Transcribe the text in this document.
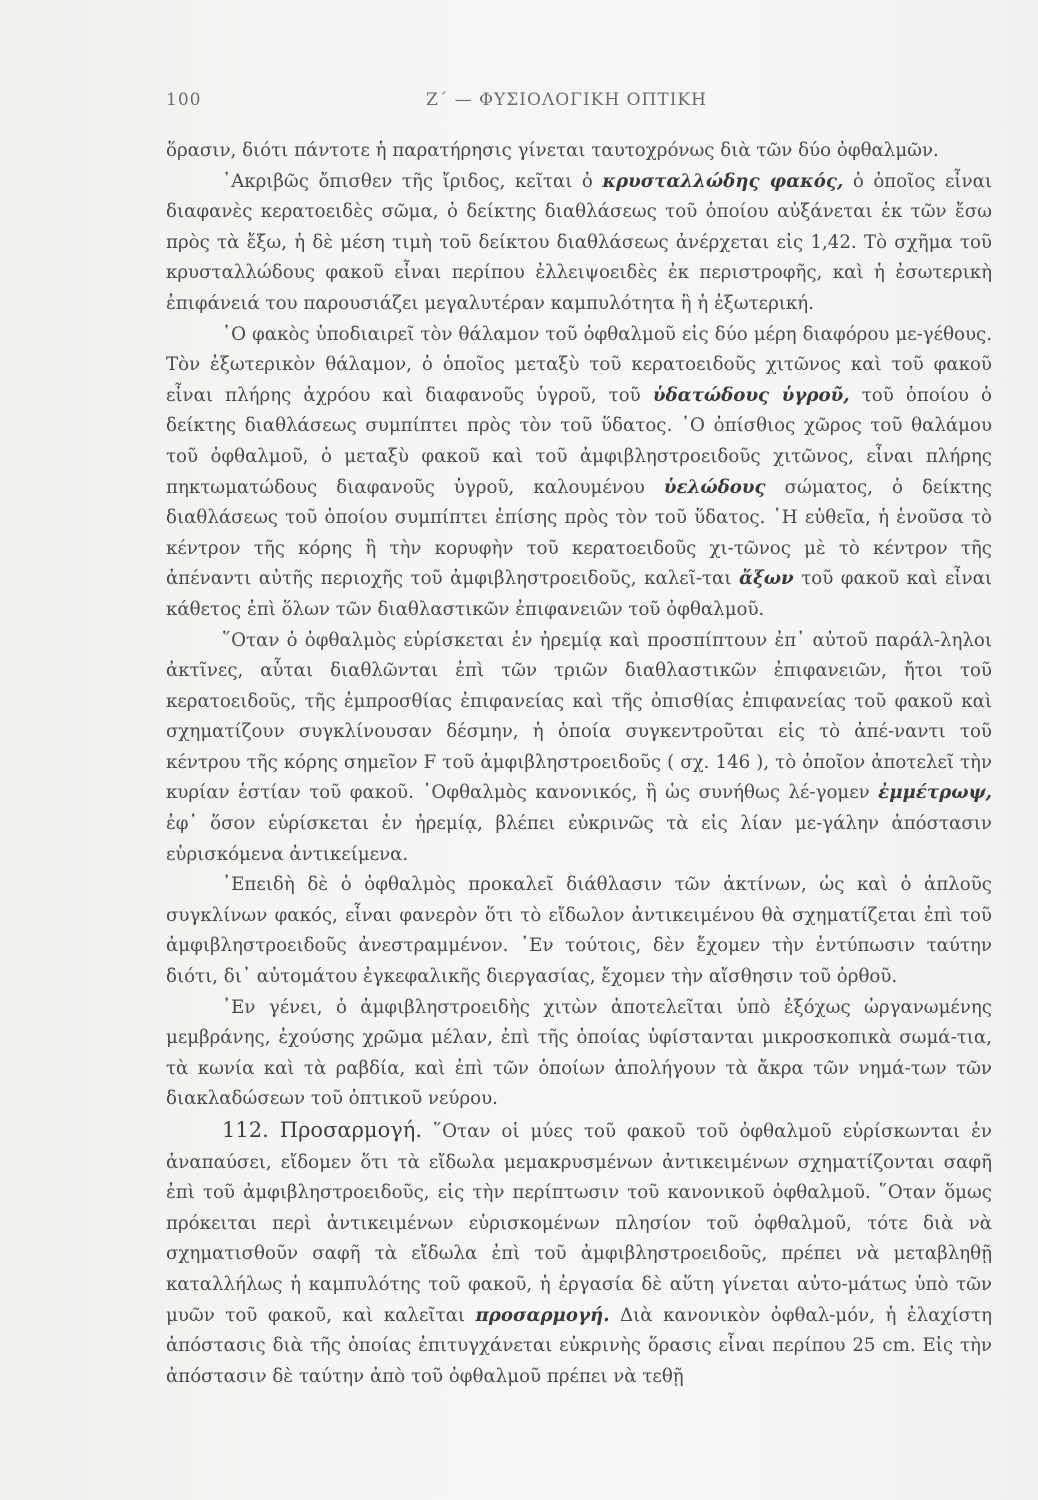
100	Ζ΄ — ΦΥΣΙΟΛΟΓΙΚΗ ΟΠΤΙΚΗ

ὅρασιν, διότι πάντοτε ἡ παρατήρησις γίνεται ταυτοχρόνως διὰ τῶν δύο ὀφθαλμῶν.

᾿Ακριβῶς ὄπισθεν τῆς ἴριδος, κεῖται ὁ κρυσταλλώδης φακός, ὁ ὁποῖος εἶναι διαφανὲς κερατοειδὲς σῶμα, ὁ δείκτης διαθλάσεως τοῦ ὁποίου αὐξάνεται ἐκ τῶν ἔσω πρὸς τὰ ἔξω, ἡ δὲ μέση τιμὴ τοῦ δείκτου διαθλάσεως ἀνέρχεται εἰς 1,42. Τὸ σχῆμα τοῦ κρυσταλλώδους φακοῦ εἶναι περίπου ἐλλειψοειδὲς ἐκ περιστροφῆς, καὶ ἡ ἐσωτερικὴ ἐπιφάνειά του παρουσιάζει μεγαλυτέραν καμπυλότητα ἢ ἡ ἐξωτερική.

῾Ο φακὸς ὑποδιαιρεῖ τὸν θάλαμον τοῦ ὀφθαλμοῦ εἰς δύο μέρη διαφόρου με-γέθους. Τὸν ἐξωτερικὸν θάλαμον, ὁ ὁποῖος μεταξὺ τοῦ κερατοειδοῦς χιτῶνος καὶ τοῦ φακοῦ εἶναι πλήρης ἀχρόου καὶ διαφανοῦς ὑγροῦ, τοῦ ὑδατώδους ὑγροῦ, τοῦ ὁποίου ὁ δείκτης διαθλάσεως συμπίπτει πρὸς τὸν τοῦ ὕδατος. ῾Ο ὀπίσθιος χῶρος τοῦ θαλάμου τοῦ ὀφθαλμοῦ, ὁ μεταξὺ φακοῦ καὶ τοῦ ἀμφιβληστροειδοῦς χιτῶνος, εἶναι πλήρης πηκτωματώδους διαφανοῦς ὑγροῦ, καλουμένου ὑελώδους σώματος, ὁ δείκτης διαθλάσεως τοῦ ὁποίου συμπίπτει ἐπίσης πρὸς τὸν τοῦ ὕδατος. ῾Η εὐθεῖα, ἡ ἑνοῦσα τὸ κέντρον τῆς κόρης ἢ τὴν κορυφὴν τοῦ κερατοειδοῦς χι-τῶνος μὲ τὸ κέντρον τῆς ἀπέναντι αὐτῆς περιοχῆς τοῦ ἀμφιβληστροειδοῦς, καλεῖ-ται ἄξων τοῦ φακοῦ καὶ εἶναι κάθετος ἐπὶ ὅλων τῶν διαθλαστικῶν ἐπιφανειῶν τοῦ ὀφθαλμοῦ.

῞Οταν ὁ ὀφθαλμὸς εὑρίσκεται ἐν ἠρεμίᾳ καὶ προσπίπτουν ἐπ᾿ αὐτοῦ παράλ-ληλοι ἀκτῖνες, αὗται διαθλῶνται ἐπὶ τῶν τριῶν διαθλαστικῶν ἐπιφανειῶν, ἤτοι τοῦ κερατοειδοῦς, τῆς ἐμπροσθίας ἐπιφανείας καὶ τῆς ὀπισθίας ἐπιφανείας τοῦ φακοῦ καὶ σχηματίζουν συγκλίνουσαν δέσμην, ἡ ὁποία συγκεντροῦται εἰς τὸ ἀπέ-ναντι τοῦ κέντρου τῆς κόρης σημεῖον F τοῦ ἀμφιβληστροειδοῦς ( σχ. 146 ), τὸ ὁποῖον ἀποτελεῖ τὴν κυρίαν ἑστίαν τοῦ φακοῦ. ᾿Οφθαλμὸς κανονικός, ἢ ὡς συνήθως λέ-γομεν ἐμμέτρωψ, ἐφ᾿ ὅσον εὑρίσκεται ἐν ἠρεμίᾳ, βλέπει εὐκρινῶς τὰ εἰς λίαν με-γάλην ἀπόστασιν εὑρισκόμενα ἀντικείμενα.

᾿Επειδὴ δὲ ὁ ὀφθαλμὸς προκαλεῖ διάθλασιν τῶν ἀκτίνων, ὡς καὶ ὁ ἁπλοῦς συγκλίνων φακός, εἶναι φανερὸν ὅτι τὸ εἴδωλον ἀντικειμένου θὰ σχηματίζεται ἐπὶ τοῦ ἀμφιβληστροειδοῦς ἀνεστραμμένον. ᾿Εν τούτοις, δὲν ἔχομεν τὴν ἐντύπωσιν ταύτην διότι, δι᾿ αὐτομάτου ἐγκεφαλικῆς διεργασίας, ἔχομεν τὴν αἴσθησιν τοῦ ὀρθοῦ.

᾿Εν γένει, ὁ ἀμφιβληστροειδὴς χιτὼν ἀποτελεῖται ὑπὸ ἐξόχως ὠργανωμένης μεμβράνης, ἐχούσης χρῶμα μέλαν, ἐπὶ τῆς ὁποίας ὑφίστανται μικροσκοπικὰ σωμά-τια, τὰ κωνία καὶ τὰ ραβδία, καὶ ἐπὶ τῶν ὁποίων ἀπολήγουν τὰ ἄκρα τῶν νημά-των τῶν διακλαδώσεων τοῦ ὀπτικοῦ νεύρου.

112. Προσαρμογή. ῞Οταν οἱ μύες τοῦ φακοῦ τοῦ ὀφθαλμοῦ εὑρίσκωνται ἐν ἀναπαύσει, εἴδομεν ὅτι τὰ εἴδωλα μεμακρυσμένων ἀντικειμένων σχηματίζονται σαφῆ ἐπὶ τοῦ ἀμφιβληστροειδοῦς, εἰς τὴν περίπτωσιν τοῦ κανονικοῦ ὀφθαλμοῦ. ῞Οταν ὅμως πρόκειται περὶ ἀντικειμένων εὑρισκομένων πλησίον τοῦ ὀφθαλμοῦ, τότε διὰ νὰ σχηματισθοῦν σαφῆ τὰ εἴδωλα ἐπὶ τοῦ ἀμφιβληστροειδοῦς, πρέπει νὰ μεταβληθῇ καταλλήλως ἡ καμπυλότης τοῦ φακοῦ, ἡ ἐργασία δὲ αὕτη γίνεται αὐτο-μάτως ὑπὸ τῶν μυῶν τοῦ φακοῦ, καὶ καλεῖται προσαρμογή. Διὰ κανονικὸν ὀφθαλ-μόν, ἡ ἐλαχίστη ἀπόστασις διὰ τῆς ὁποίας ἐπιτυγχάνεται εὐκρινὴς ὅρασις εἶναι περίπου 25 cm. Εἰς τὴν ἀπόστασιν δὲ ταύτην ἀπὸ τοῦ ὀφθαλμοῦ πρέπει νὰ τεθῇ
